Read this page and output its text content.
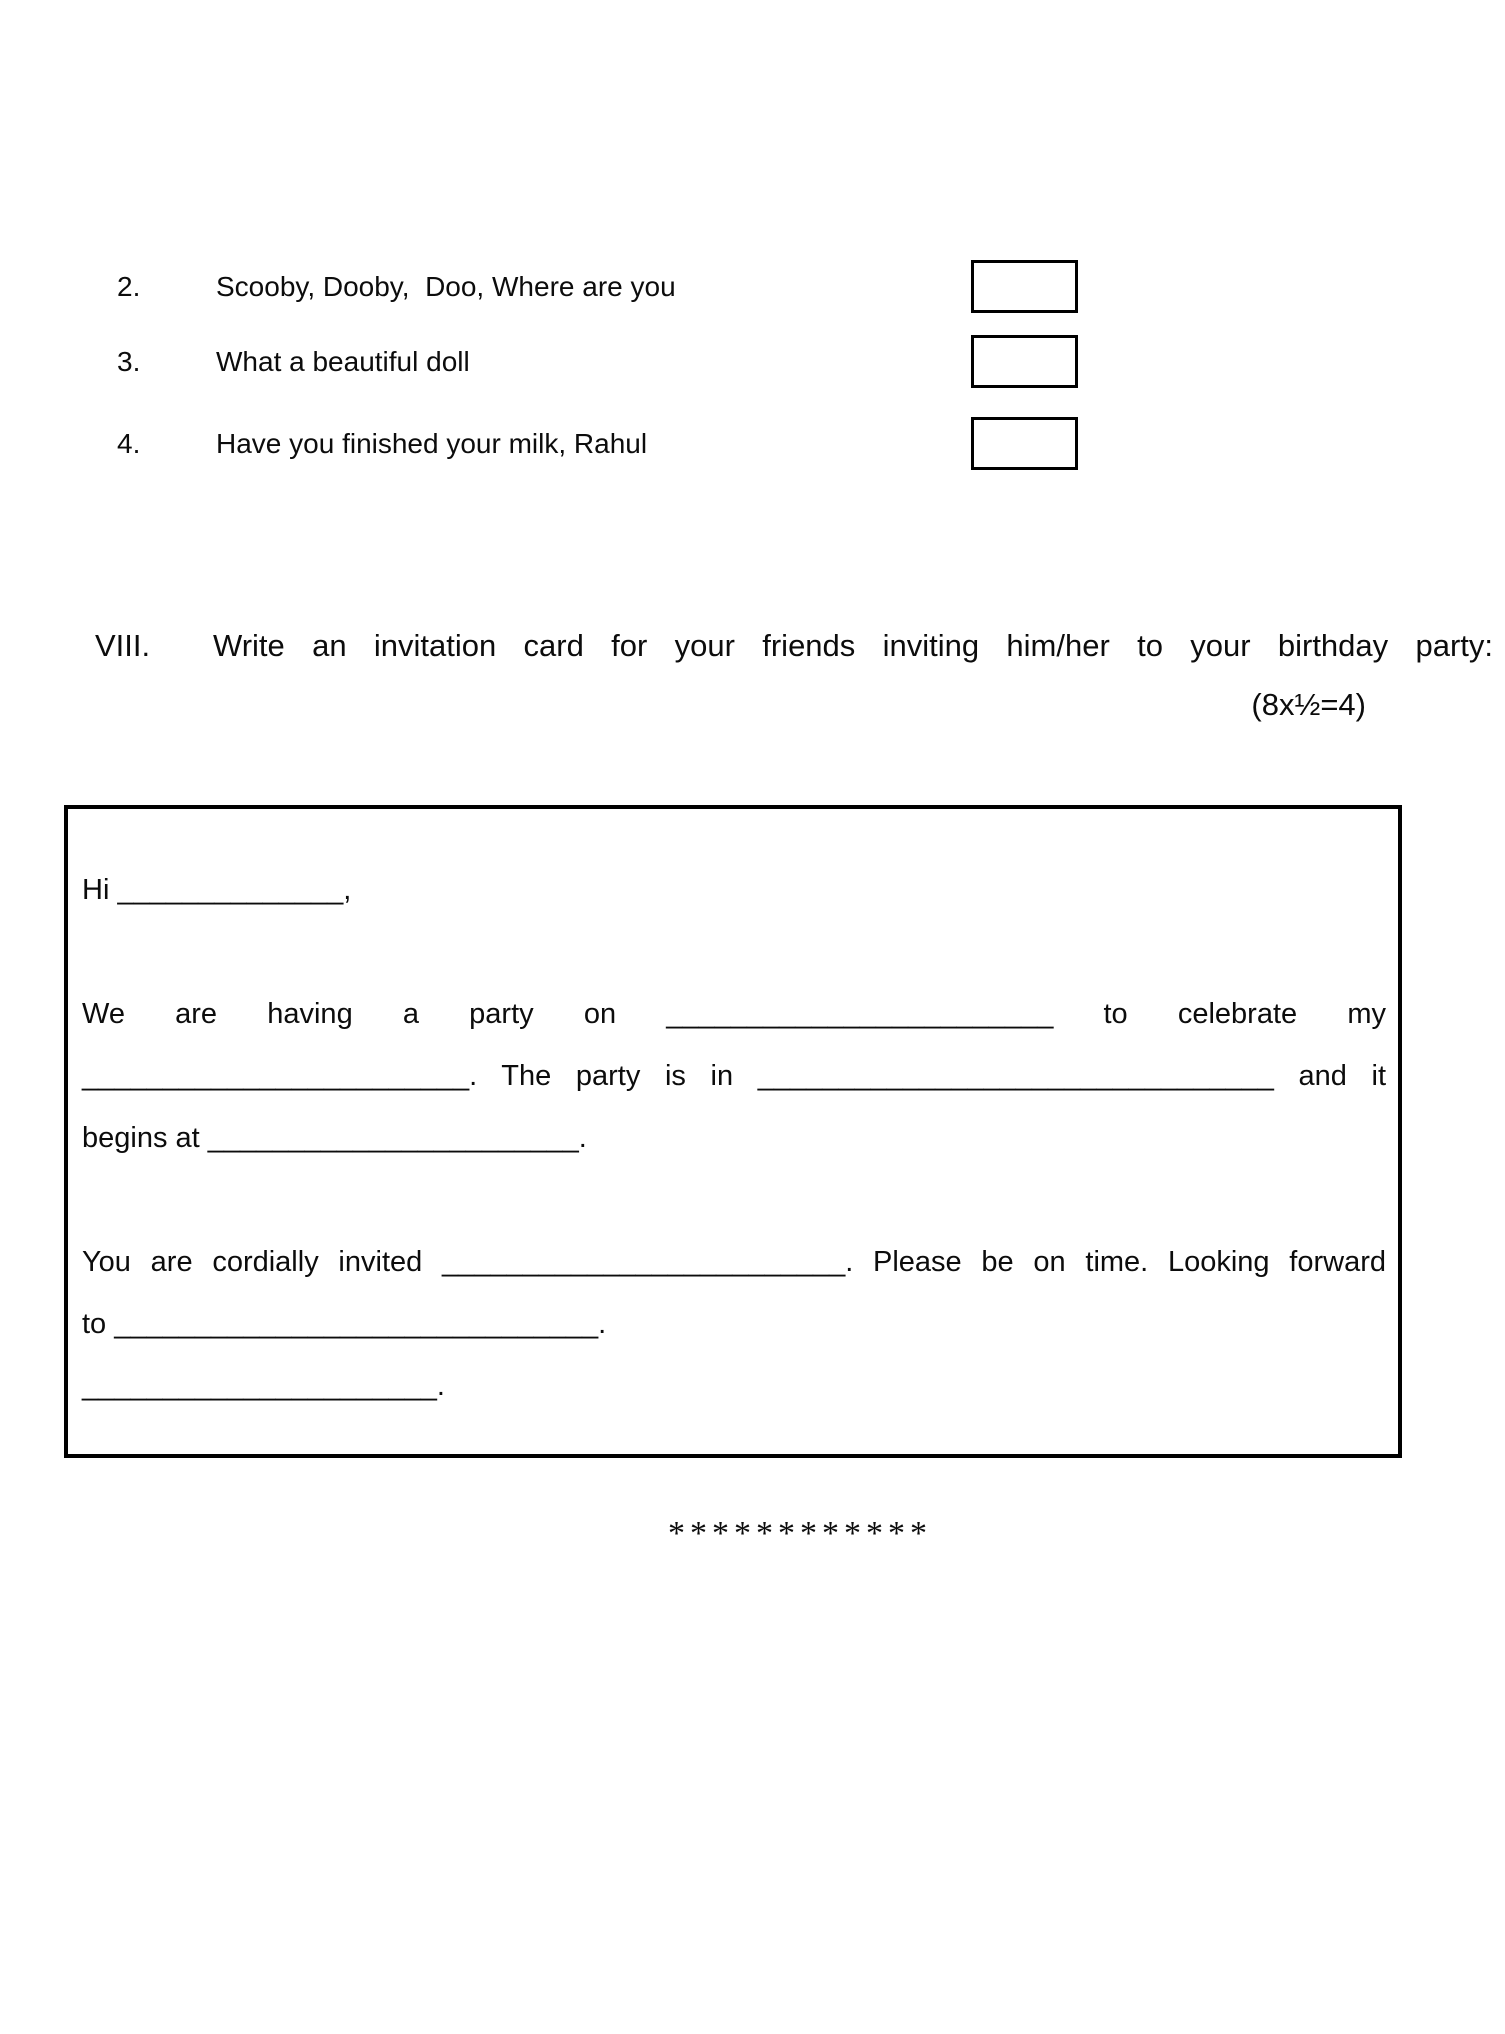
2.	Scooby, Dooby,  Doo, Where are you
3.	What a beautiful doll
4.	Have you finished your milk, Rahul
VIII. Write an invitation card for your friends inviting him/her to your birthday party:
(8x½=4)
Hi ______________,
We are having a party on ________________________ to celebrate my
________________________. The party is in ________________________________ and it
begins at _______________________.
You are cordially invited _________________________. Please be on time. Looking forward
to ______________________________.
______________________.
************
